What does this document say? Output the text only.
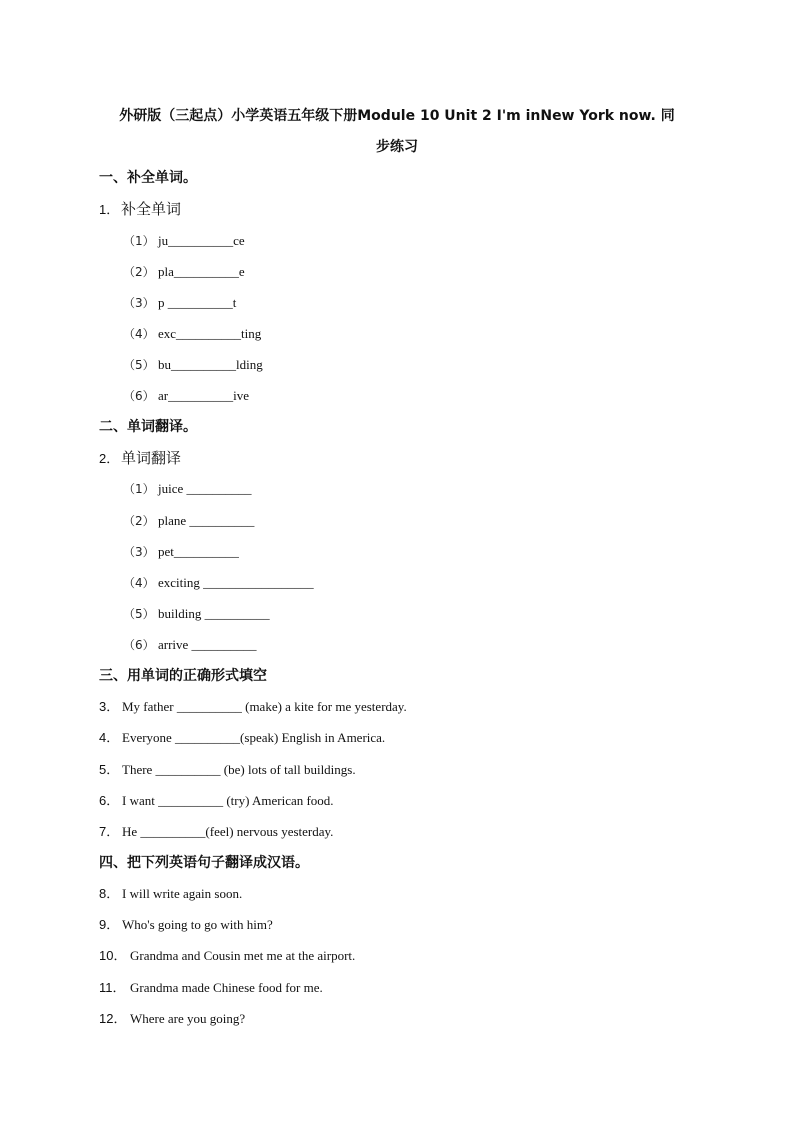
外研版（三起点）小学英语五年级下册Module 10 Unit 2 I'm inNew York now. 同
步练习
一、补全单词。
1． 补全单词
（1） ju__________ce
（2） pla__________e
（3） p __________t
（4） exc__________ting
（5） bu__________lding
（6） ar__________ive
二、单词翻译。
2． 单词翻译
（1） juice __________
（2） plane __________
（3） pet__________
（4） exciting _________________
（5） building __________
（6） arrive __________
三、用单词的正确形式填空
3． My father __________ (make) a kite for me yesterday.
4． Everyone __________(speak) English in America.
5． There __________ (be) lots of tall buildings.
6． I want __________ (try) American food.
7． He __________(feel) nervous yesterday.
四、把下列英语句子翻译成汉语。
8． I will write again soon.
9． Who's going to go with him?
10． Grandma and Cousin met me at the airport.
11． Grandma made Chinese food for me.
12． Where are you going?
